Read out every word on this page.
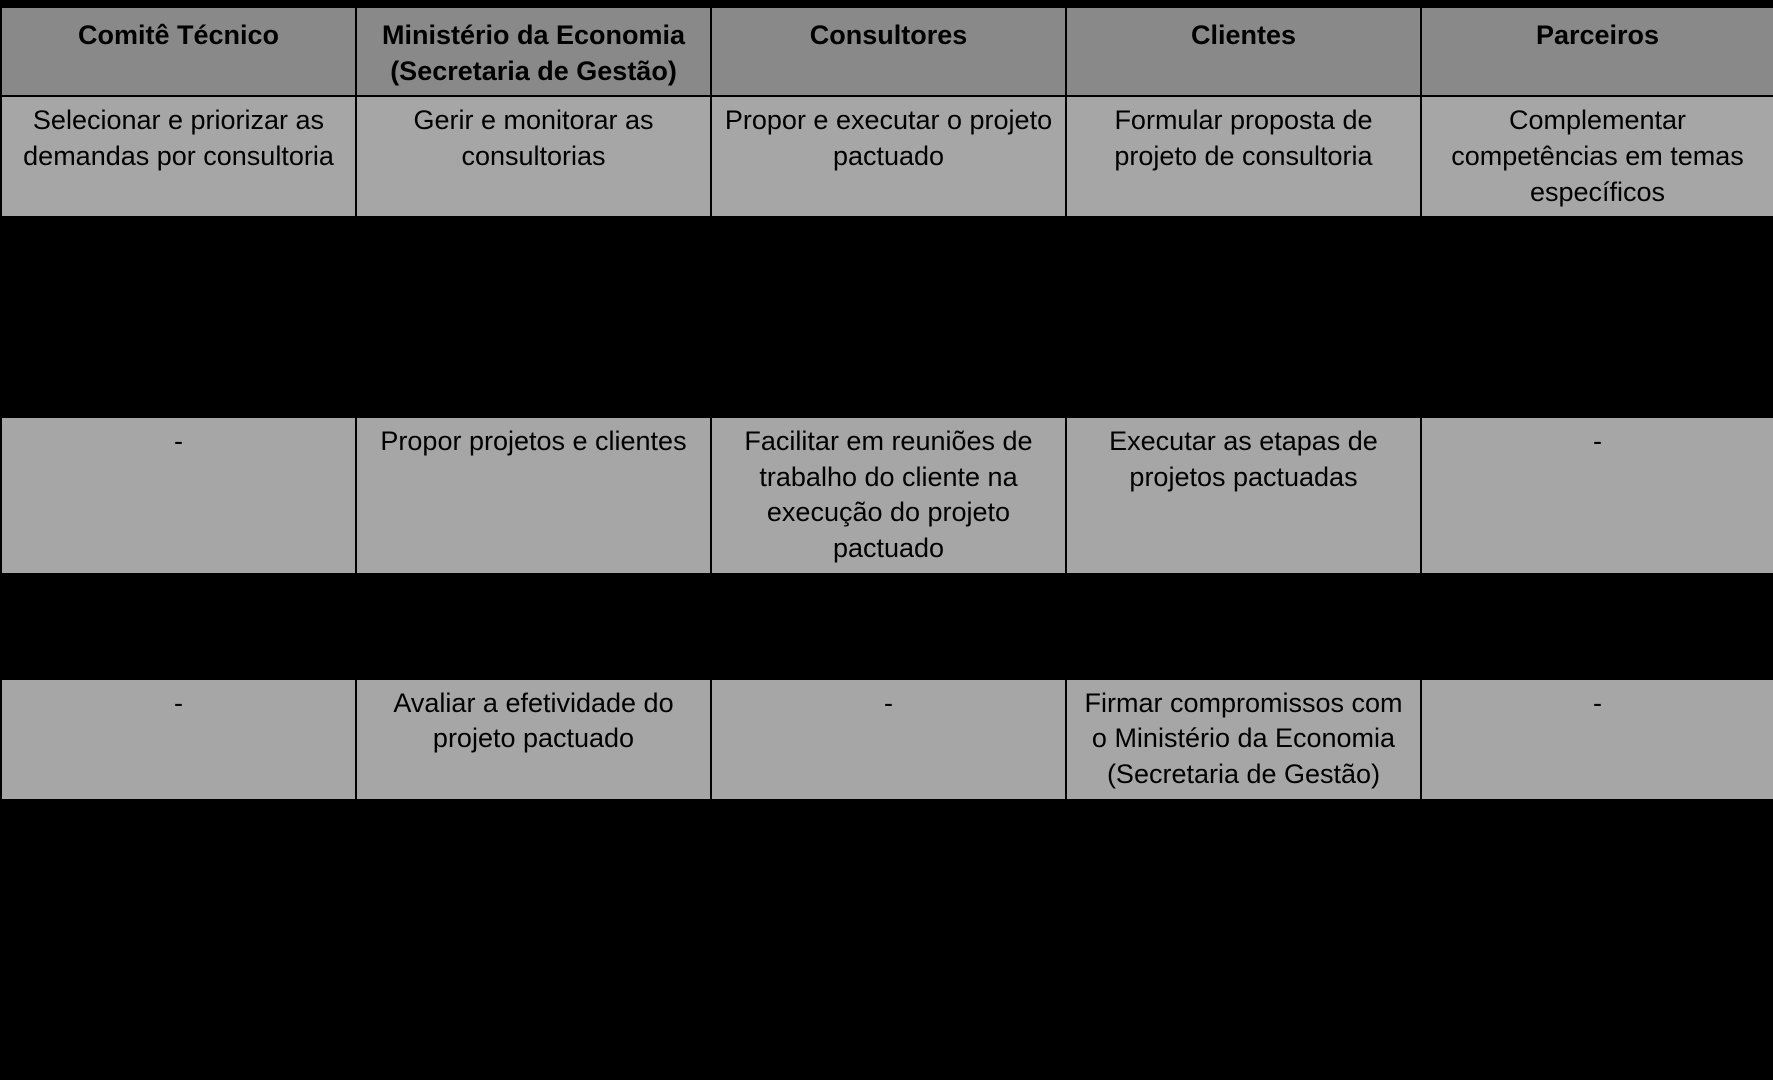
Comitê Técnico	Ministério da Economia (Secretaria de Gestão)	Consultores	Clientes	Parceiros
Selecionar e priorizar as demandas por consultoria	Gerir e monitorar as consultorias	Propor e executar o projeto pactuado	Formular proposta de projeto de consultoria	Complementar competências em temas específicos

-	Propor projetos e clientes	Facilitar em reuniões de trabalho do cliente na execução do projeto pactuado	Executar as etapas de projetos pactuadas	-

-	Avaliar a efetividade do projeto pactuado	-	Firmar compromissos com o Ministério da Economia (Secretaria de Gestão)	-
